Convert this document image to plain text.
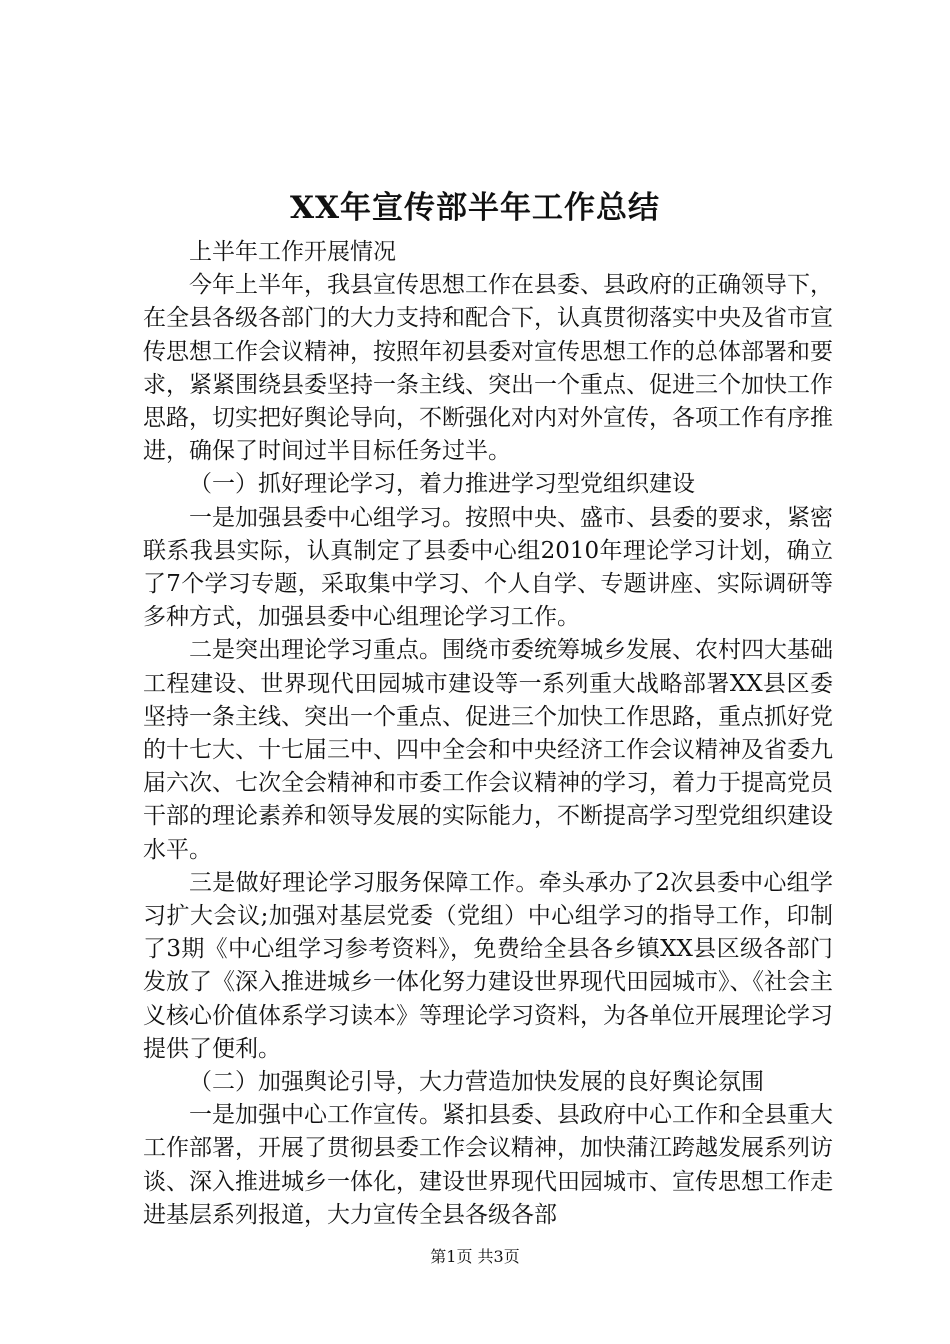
XX年宣传部半年工作总结

上半年工作开展情况

今年上半年，我县宣传思想工作在县委、县政府的正确领导下，在全县各级各部门的大力支持和配合下，认真贯彻落实中央及省市宣传思想工作会议精神，按照年初县委对宣传思想工作的总体部署和要求，紧紧围绕县委坚持一条主线、突出一个重点、促进三个加快工作思路，切实把好舆论导向，不断强化对内对外宣传，各项工作有序推进，确保了时间过半目标任务过半。

（一）抓好理论学习，着力推进学习型党组织建设

一是加强县委中心组学习。按照中央、盛市、县委的要求，紧密联系我县实际，认真制定了县委中心组2010年理论学习计划，确立了7个学习专题，采取集中学习、个人自学、专题讲座、实际调研等多种方式，加强县委中心组理论学习工作。

二是突出理论学习重点。围绕市委统筹城乡发展、农村四大基础工程建设、世界现代田园城市建设等一系列重大战略部署XX县区委坚持一条主线、突出一个重点、促进三个加快工作思路，重点抓好党的十七大、十七届三中、四中全会和中央经济工作会议精神及省委九届六次、七次全会精神和市委工作会议精神的学习，着力于提高党员干部的理论素养和领导发展的实际能力，不断提高学习型党组织建设水平。

三是做好理论学习服务保障工作。牵头承办了2次县委中心组学习扩大会议;加强对基层党委（党组）中心组学习的指导工作，印制了3期《中心组学习参考资料》，免费给全县各乡镇XX县区级各部门发放了《深入推进城乡一体化努力建设世界现代田园城市》、《社会主义核心价值体系学习读本》等理论学习资料，为各单位开展理论学习提供了便利。

（二）加强舆论引导，大力营造加快发展的良好舆论氛围

一是加强中心工作宣传。紧扣县委、县政府中心工作和全县重大工作部署，开展了贯彻县委工作会议精神，加快蒲江跨越发展系列访谈、深入推进城乡一体化，建设世界现代田园城市、宣传思想工作走进基层系列报道，大力宣传全县各级各部

第1页 共3页
